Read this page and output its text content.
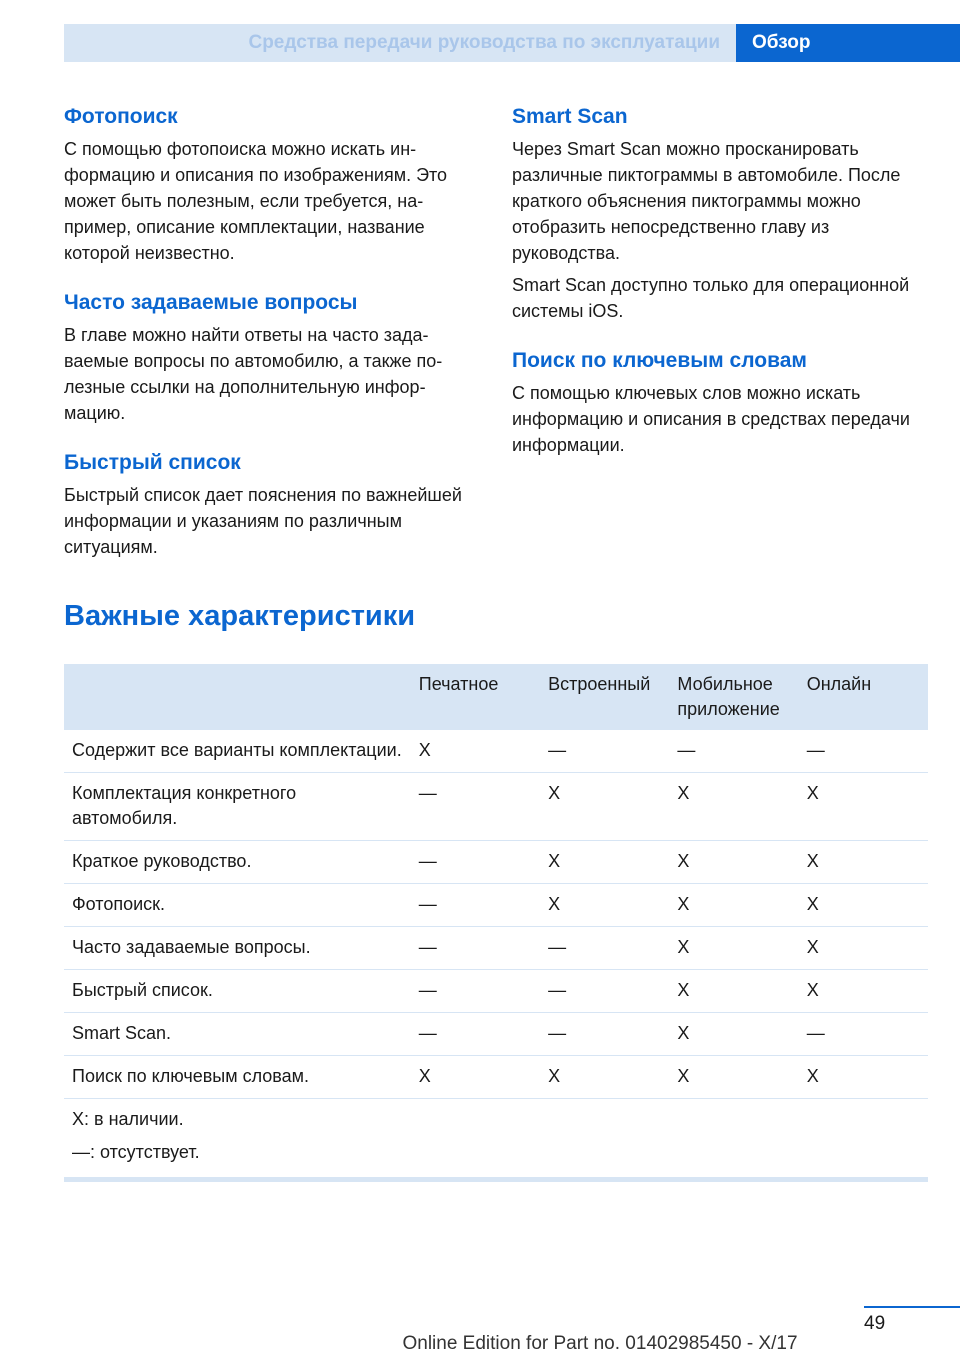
Средства передачи руководства по эксплуатации	Обзор
Фотопоиск

С помощью фотопоиска можно искать информацию и описания по изображениям. Это может быть полезным, если требуется, например, описание комплектации, название которой неизвестно.

Часто задаваемые вопросы

В главе можно найти ответы на часто задаваемые вопросы по автомобилю, а также полезные ссылки на дополнительную информацию.

Быстрый список

Быстрый список дает пояснения по важнейшей информации и указаниям по различным ситуациям.

Smart Scan

Через Smart Scan можно просканировать различные пиктограммы в автомобиле. После краткого объяснения пиктограммы можно отобразить непосредственно главу из руководства.

Smart Scan доступно только для операционной системы iOS.

Поиск по ключевым словам

С помощью ключевых слов можно искать информацию и описания в средствах передачи информации.

Важные характеристики
	Печатное	Встроенный	Мобильное приложение	Онлайн
Содержит все варианты комплектации.	X	—	—	—
Комплектация конкретного автомобиля.	—	X	X	X
Краткое руководство.	—	X	X	X
Фотопоиск.	—	X	X	X
Часто задаваемые вопросы.	—	—	X	X
Быстрый список.	—	—	X	X
Smart Scan.	—	—	X	—
Поиск по ключевым словам.	X	X	X	X

X: в наличии.
—: отсутствует.				
49
Online Edition for Part no. 01402985450 - X/17
